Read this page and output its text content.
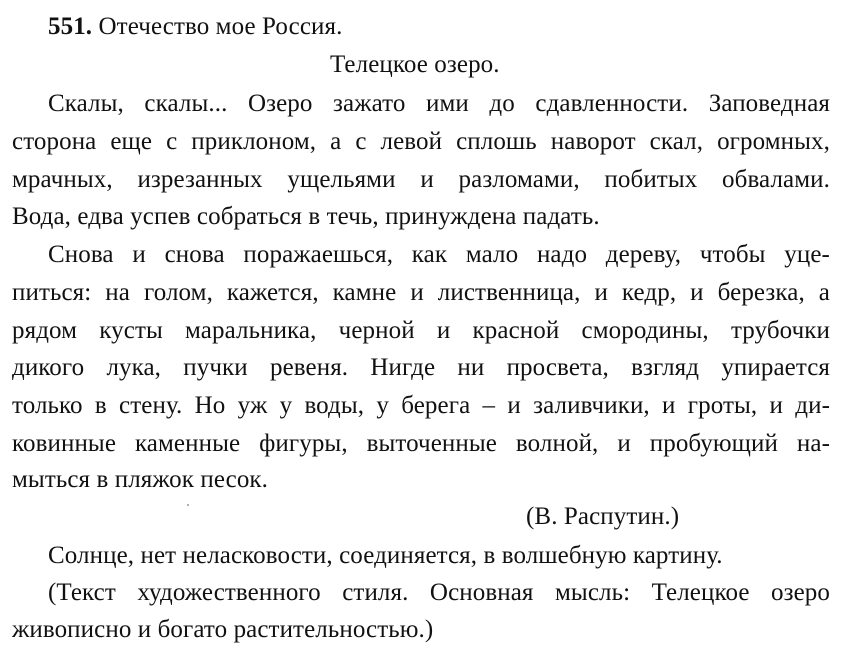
551. Отечество мое Россия.
Телецкое озеро.
Скалы, скалы... Озеро зажато ими до сдавленности. Заповедная
сторона еще с приклоном, а с левой сплошь наворот скал, огромных,
мрачных, изрезанных ущельями и разломами, побитых обвалами.
Вода, едва успев собраться в течь, принуждена падать.
Снова и снова поражаешься, как мало надо дереву, чтобы уце-
питься: на голом, кажется, камне и лиственница, и кедр, и березка, а
рядом кусты маральника, черной и красной смородины, трубочки
дикого лука, пучки ревеня. Нигде ни просвета, взгляд упирается
только в стену. Но уж у воды, у берега – и заливчики, и гроты, и ди-
ковинные каменные фигуры, выточенные волной, и пробующий на-
мыться в пляжок песок.
(В. Распутин.)
Солнце, нет неласковости, соединяется, в волшебную картину.
(Текст художественного стиля. Основная мысль: Телецкое озеро
живописно и богато растительностью.)
